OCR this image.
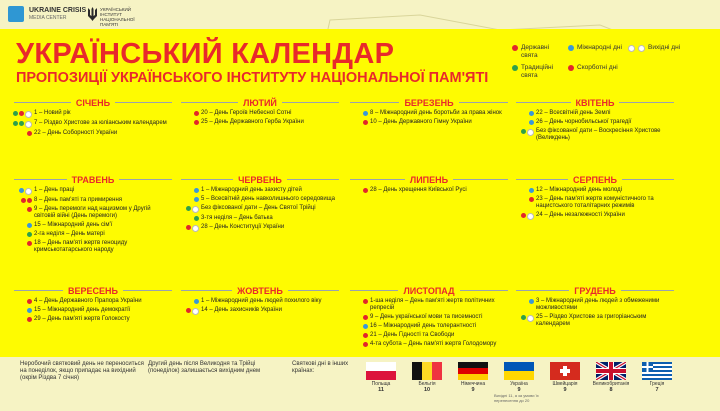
UKRAINE CRISIS
MEDIA CENTER
УКРАЇНСЬКИЙ ІНСТИТУТ НАЦІОНАЛЬНОЇ ПАМ'ЯТІ
УКРАЇНСЬКИЙ КАЛЕНДАР
ПРОПОЗИЦІЇ УКРАЇНСЬКОГО ІНСТИТУТУ НАЦІОНАЛЬНОЇ ПАМ'ЯТІ
Державні свята
Міжнародні дні	Вихідні дні
Традиційні свята
Скорботні дні
СІЧЕНЬ
1 – Новий рік
7 – Різдво Христове за юліанським календарем
22 – День Соборності України
ЛЮТИЙ
20 – День Героїв Небесної Сотні
25 – День Державного Герба України
БЕРЕЗЕНЬ
8 – Міжнародний день боротьби за права жінок
10 – День Державного Гімну України
КВІТЕНЬ
22 – Всесвітній день Землі
26 – День чорнобильської трагедії
Без фіксованої дати – Воскресіння Христове (Великдень)
ТРАВЕНЬ
1 – День праці
8 – День пам'яті та примирення
9 – День перемоги над нацизмом у Другій світовій війні (День перемоги)
15 – Міжнародний день сім'ї
2-га неділя – День матері
18 – День пам'яті жертв геноциду кримськотатарського народу
ЧЕРВЕНЬ
1 – Міжнародний день захисту дітей
5 – Всесвітній день навколишнього середовища
Без фіксованої дати – День Святої Трійці
3-тя неділя – День батька
28 – День Конституції України
ЛИПЕНЬ
28 – День хрещення Київської Русі
СЕРПЕНЬ
12 – Міжнародний день молоді
23 – День пам'яті жертв комуністичного та нацистського тоталітарних режимів
24 – День незалежності України
ВЕРЕСЕНЬ
4 – День Державного Прапора України
15 – Міжнародний день демократії
29 – День пам'яті жертв Голокосту
ЖОВТЕНЬ
1 – Міжнародний день людей похилого віку
14 – День захисників України
ЛИСТОПАД
1-ша неділя – День пам'яті жертв політичних репресій
9 – День української мови та писемності
16 – Міжнародний день толерантності
21 – День Гідності та Свободи
4-та субота – День пам'яті жертв Голодомору
ГРУДЕНЬ
3 – Міжнародний день людей з обмеженими можливостями
25 – Різдво Христове за григоріанським календарем
Неробочий святковий день не переноситься на понеділок, якщо припадає на вихідний (окрім Різдва 7 січня)
Другий день після Великодня та Трійці (понеділок) залишається вихідним днем
Святкові дні в інших країнах:
Польща
11
Бельгія
10
Німеччина
9
Україна
9
Швейцарія
9
Великобританія
8
Греція
7
Вихідні 11, а за умови їх перенесення до 20
